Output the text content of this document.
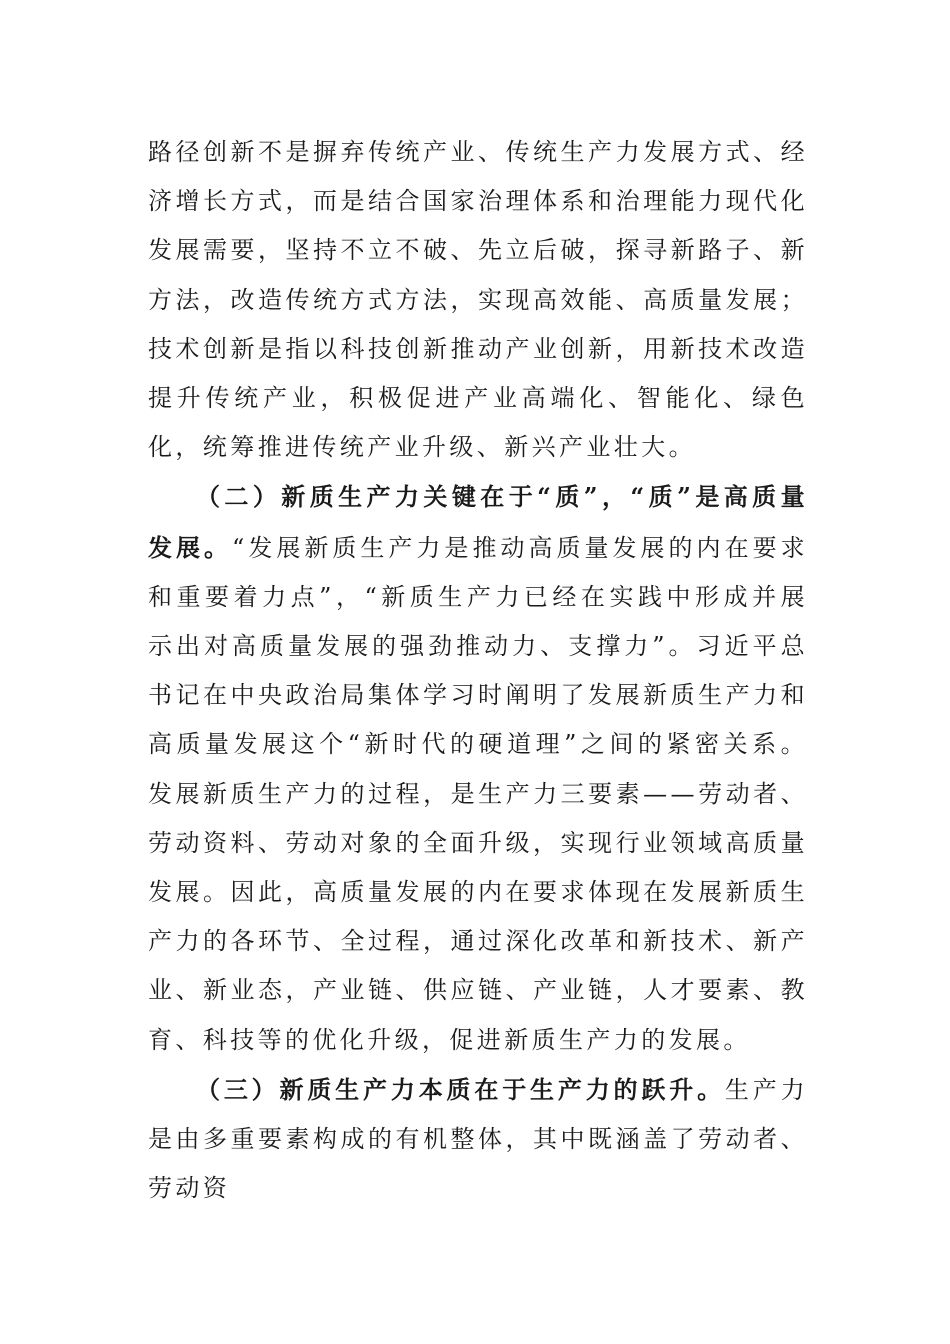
路径创新不是摒弃传统产业、传统生产力发展方式、经济增长方式，而是结合国家治理体系和治理能力现代化发展需要，坚持不立不破、先立后破，探寻新路子、新方法，改造传统方式方法，实现高效能、高质量发展；技术创新是指以科技创新推动产业创新，用新技术改造提升传统产业，积极促进产业高端化、智能化、绿色化，统筹推进传统产业升级、新兴产业壮大。

（二）新质生产力关键在于“质”，“质”是高质量发展。“发展新质生产力是推动高质量发展的内在要求和重要着力点”，“新质生产力已经在实践中形成并展示出对高质量发展的强劲推动力、支撑力”。习近平总书记在中央政治局集体学习时阐明了发展新质生产力和高质量发展这个“新时代的硬道理”之间的紧密关系。发展新质生产力的过程，是生产力三要素——劳动者、劳动资料、劳动对象的全面升级，实现行业领域高质量发展。因此，高质量发展的内在要求体现在发展新质生产力的各环节、全过程，通过深化改革和新技术、新产业、新业态，产业链、供应链、产业链，人才要素、教育、科技等的优化升级，促进新质生产力的发展。

（三）新质生产力本质在于生产力的跃升。生产力是由多重要素构成的有机整体，其中既涵盖了劳动者、劳动资
